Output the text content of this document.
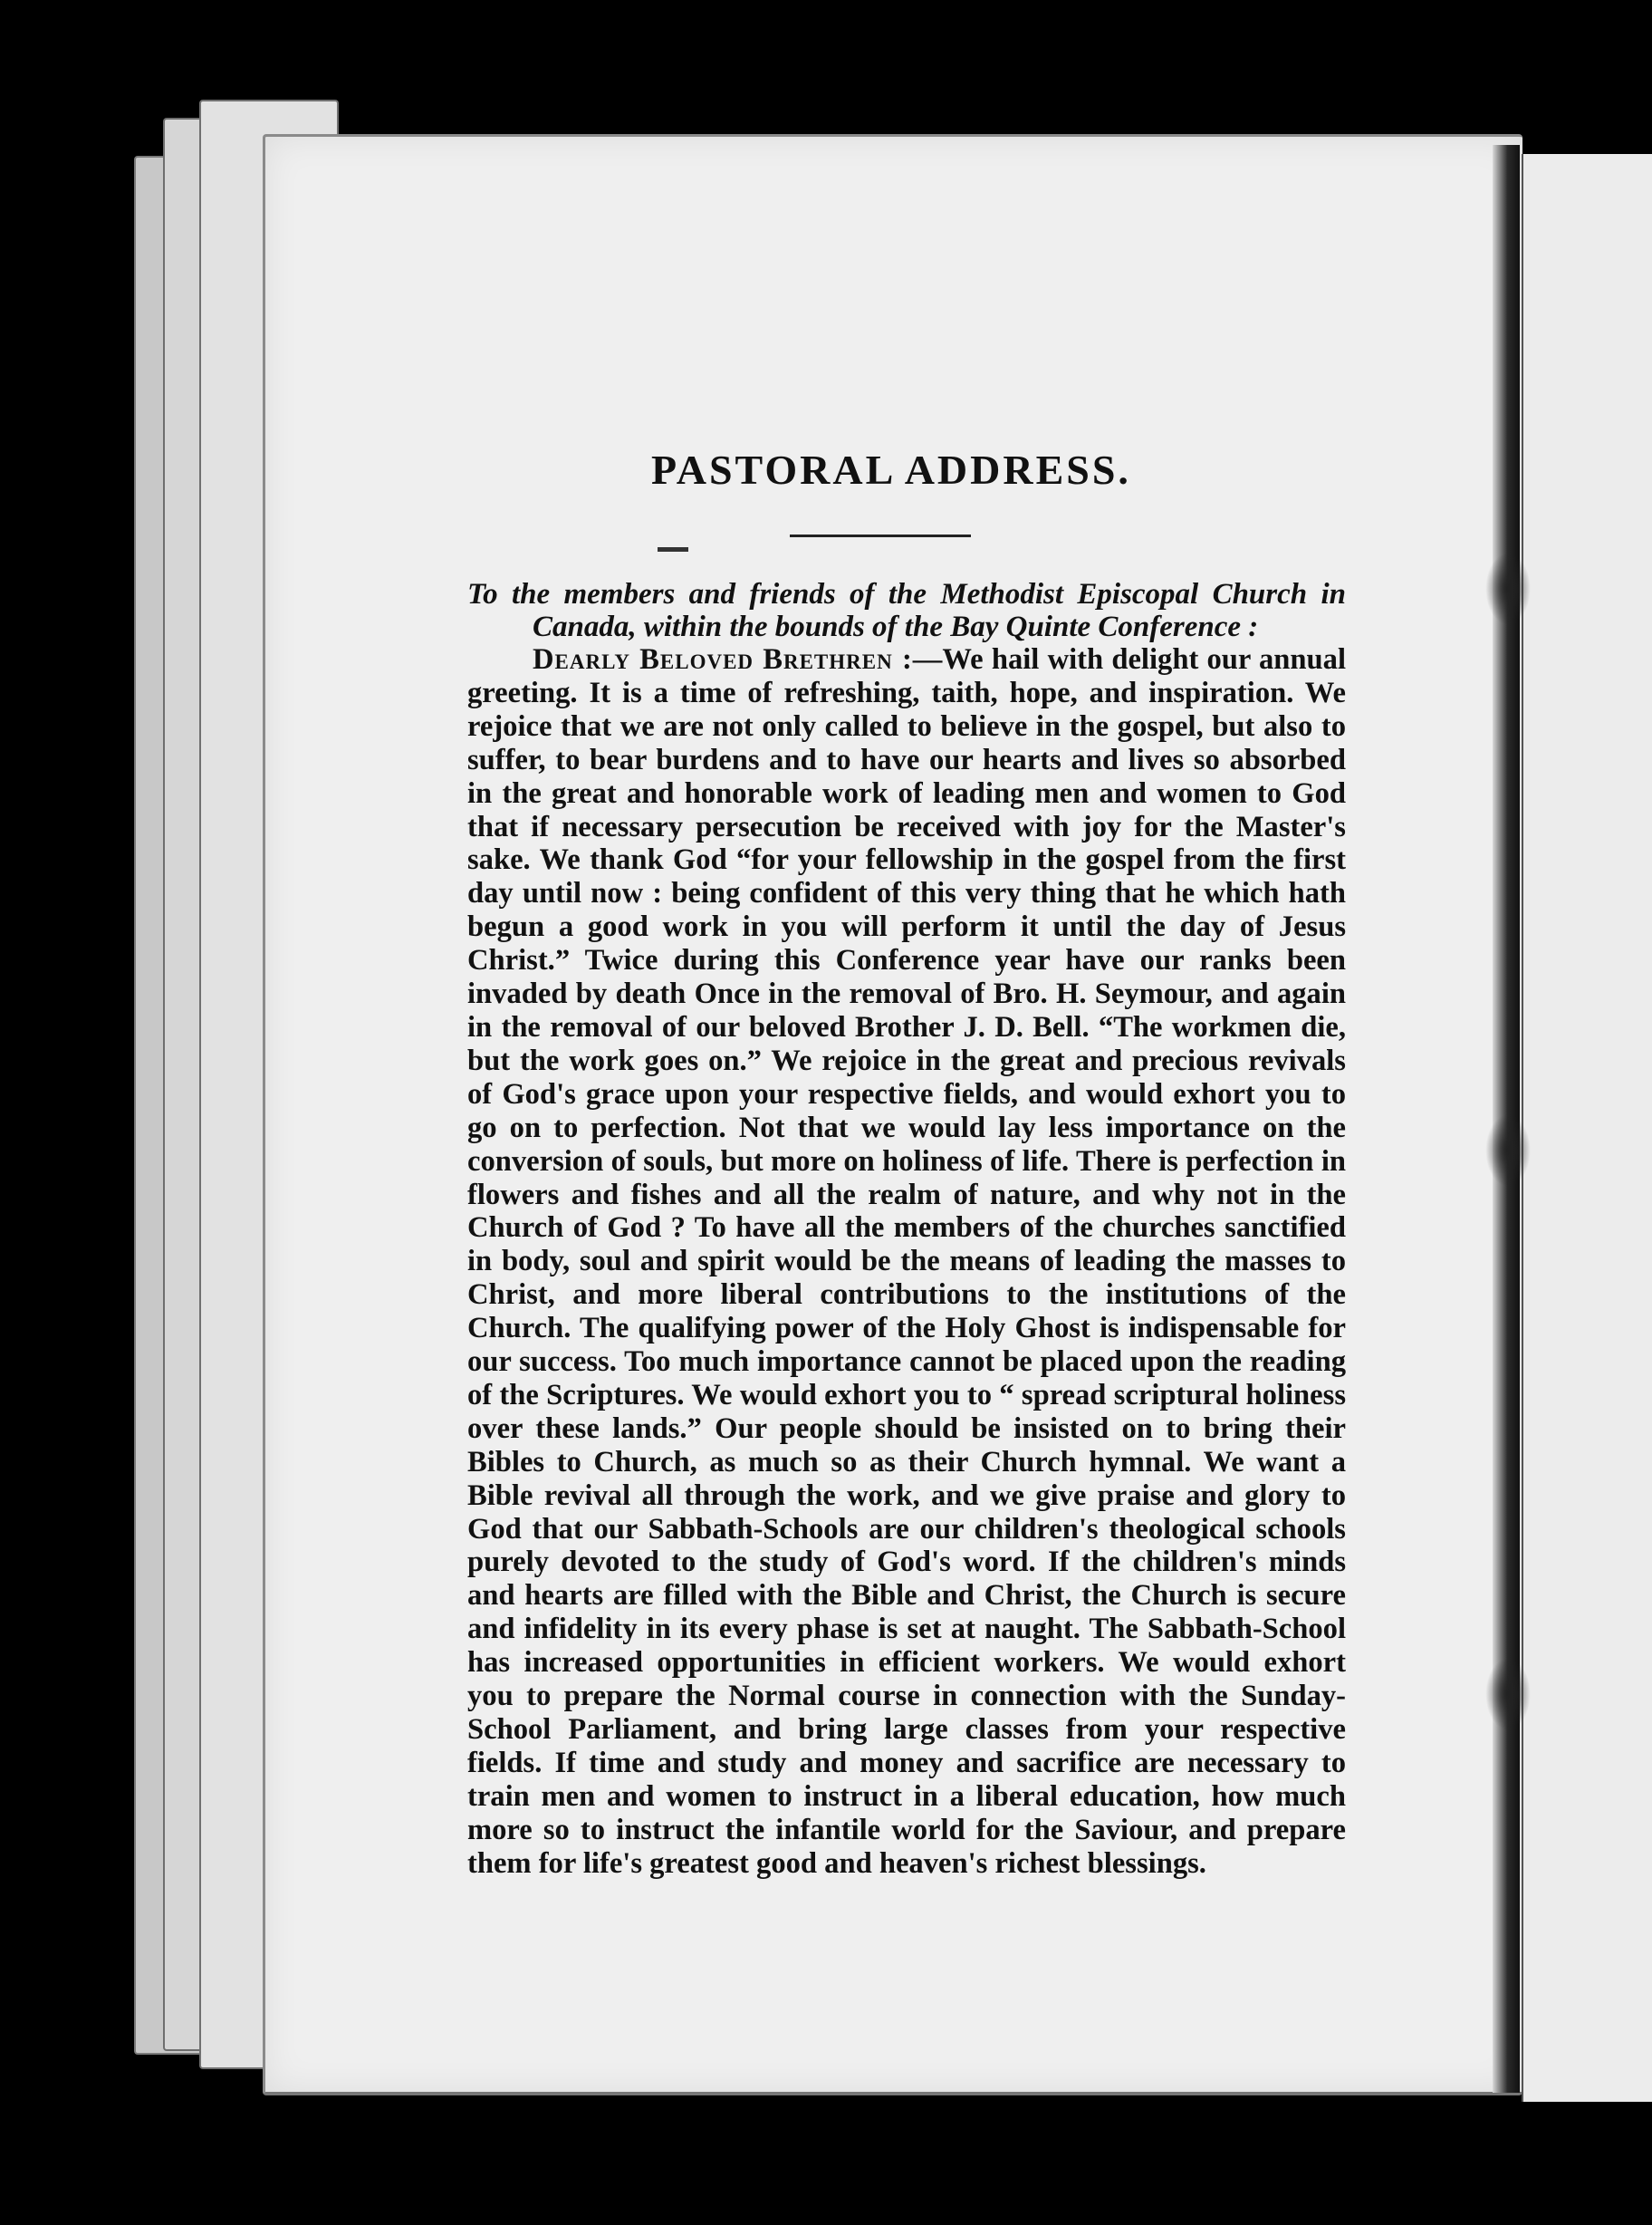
PASTORAL ADDRESS.

To the members and friends of the Methodist Episcopal Church in Canada, within the bounds of the Bay Quinte Conference :

Dearly Beloved Brethren :—We hail with delight our annual greeting. It is a time of refreshing, taith, hope, and inspiration. We rejoice that we are not only called to believe in the gospel, but also to suffer, to bear burdens and to have our hearts and lives so absorbed in the great and honorable work of leading men and women to God that if necessary persecution be received with joy for the Master's sake. We thank God “for your fellowship in the gospel from the first day until now : being confident of this very thing that he which hath begun a good work in you will perform it until the day of Jesus Christ.” Twice during this Conference year have our ranks been invaded by death Once in the removal of Bro. H. Seymour, and again in the removal of our beloved Brother J. D. Bell. “The workmen die, but the work goes on.” We rejoice in the great and precious revivals of God's grace upon your respective fields, and would exhort you to go on to perfection. Not that we would lay less importance on the conversion of souls, but more on holiness of life. There is perfection in flowers and fishes and all the realm of nature, and why not in the Church of God ? To have all the members of the churches sanctified in body, soul and spirit would be the means of leading the masses to Christ, and more liberal contributions to the institutions of the Church. The qualifying power of the Holy Ghost is indispensable for our success. Too much importance cannot be placed upon the reading of the Scriptures. We would exhort you to “ spread scriptural holiness over these lands.” Our people should be insisted on to bring their Bibles to Church, as much so as their Church hymnal. We want a Bible revival all through the work, and we give praise and glory to God that our Sabbath-Schools are our children's theological schools purely devoted to the study of God's word. If the children's minds and hearts are filled with the Bible and Christ, the Church is secure and infidelity in its every phase is set at naught. The Sabbath-School has increased opportunities in efficient workers. We would exhort you to prepare the Normal course in connection with the Sunday-School Parliament, and bring large classes from your respective fields. If time and study and money and sacrifice are necessary to train men and women to instruct in a liberal education, how much more so to instruct the infantile world for the Saviour, and prepare them for life's greatest good and heaven's richest blessings.
